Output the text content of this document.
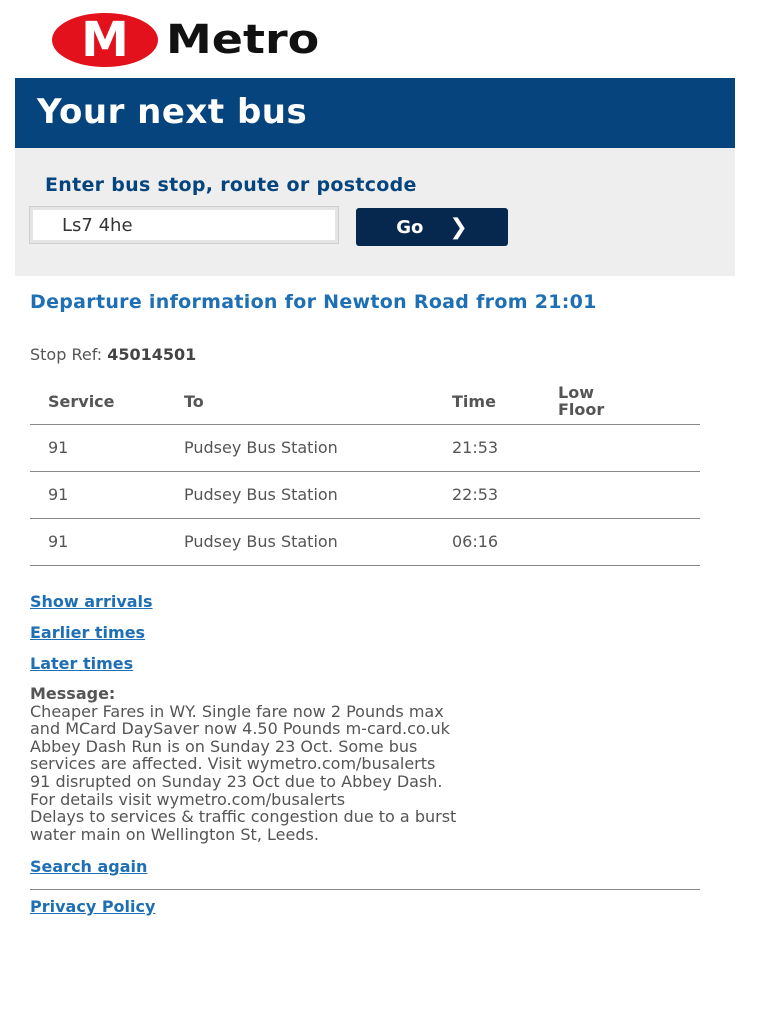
M Metro
Your next bus
Enter bus stop, route or postcode
Ls7 4he
Go ❯
Departure information for Newton Road from 21:01
Stop Ref: 45014501
Service	To	Time	Low Floor
91	Pudsey Bus Station	21:53	
91	Pudsey Bus Station	22:53	
91	Pudsey Bus Station	06:16	
Show arrivals
Earlier times
Later times
Message:
Cheaper Fares in WY. Single fare now 2 Pounds max
and MCard DaySaver now 4.50 Pounds m-card.co.uk
Abbey Dash Run is on Sunday 23 Oct. Some bus
services are affected. Visit wymetro.com/busalerts
91 disrupted on Sunday 23 Oct due to Abbey Dash.
For details visit wymetro.com/busalerts
Delays to services & traffic congestion due to a burst
water main on Wellington St, Leeds.
Search again
Privacy Policy
